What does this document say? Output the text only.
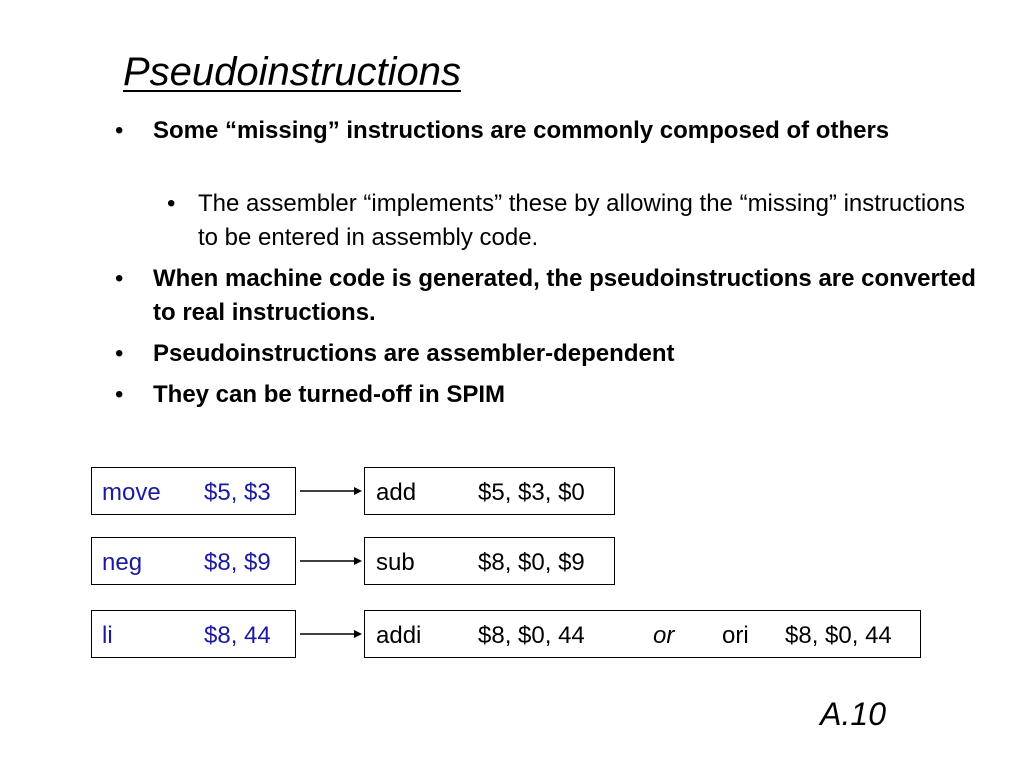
Pseudoinstructions
• Some “missing” instructions are commonly composed of others
• The assembler “implements” these by allowing the “missing” instructions to be entered in assembly code.
• When machine code is generated, the pseudoinstructions are converted to real instructions.
• Pseudoinstructions are assembler-dependent
• They can be turned-off in SPIM
move $5, $3	add	$5, $3, $0
neg	$8, $9	sub	$8, $0, $9
li	$8, 44	addi $8, $0, 44	or ori $8, $0, 44
A.10
